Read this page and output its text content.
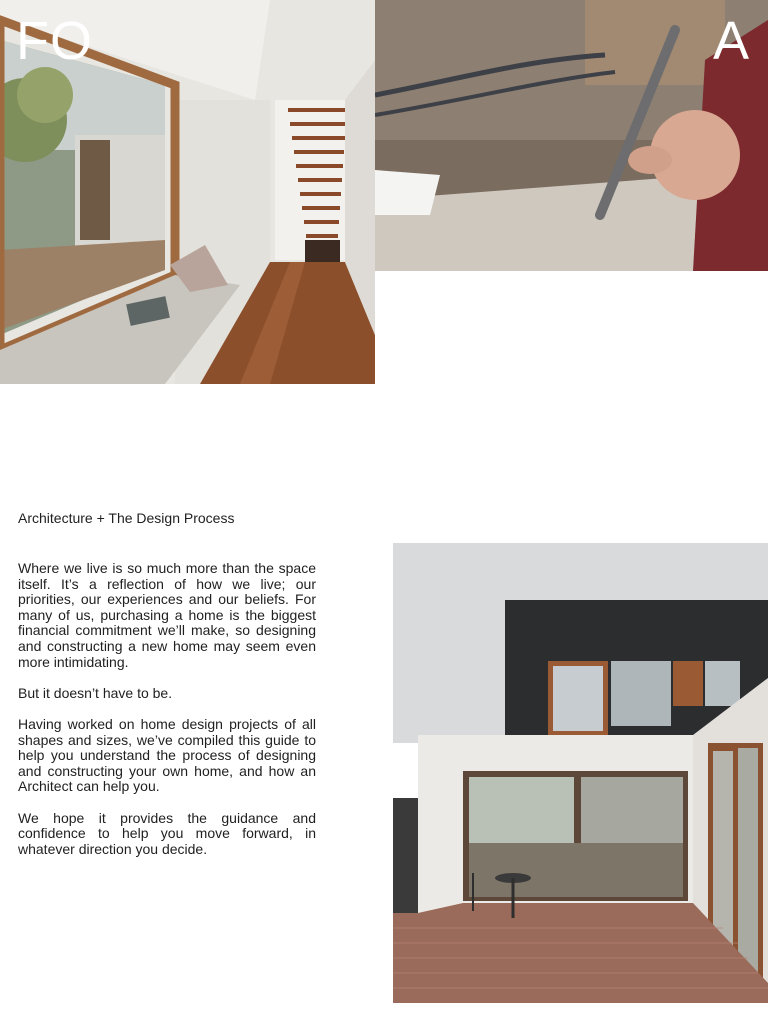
FO	A
Architecture + The Design Process

Where we live is so much more than the space itself. It’s a reflection of how we live; our priorities, our experiences and our beliefs. For many of us, purchasing a home is the biggest financial commitment we’ll make, so designing and constructing a new home may seem even more intimidating.

But it doesn’t have to be.

Having worked on home design projects of all shapes and sizes, we’ve compiled this guide to help you understand the process of designing and constructing your own home, and how an Architect can help you.

We hope it provides the guidance and confidence to help you move forward, in whatever direction you decide.
